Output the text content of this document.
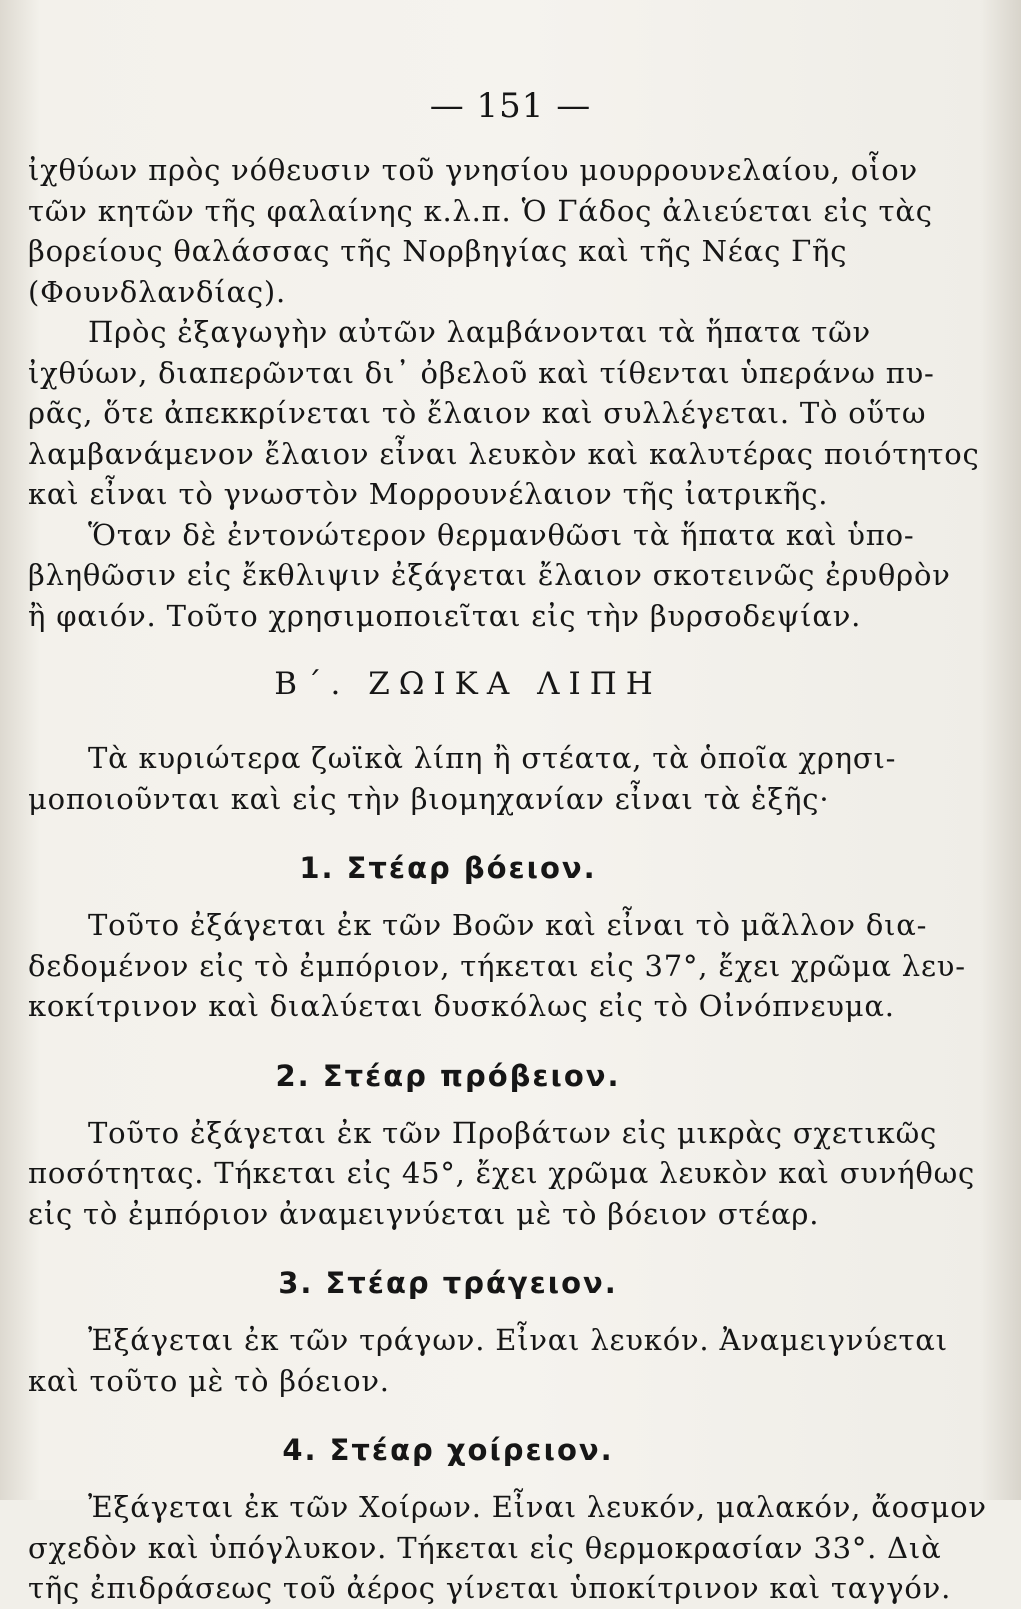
— 151 —

ἰχθύων πρὸς νόθευσιν τοῦ γνησίου μουρρουνελαίου, οἷον
τῶν κητῶν τῆς φαλαίνης κ.λ.π. Ὁ Γάδος ἀλιεύεται εἰς τὰς
βορείους θαλάσσας τῆς Νορβηγίας καὶ τῆς Νέας Γῆς
(Φουνδλανδίας).

Πρὸς ἐξαγωγὴν αὐτῶν λαμβάνονται τὰ ἥπατα τῶν
ἰχθύων, διαπερῶνται δι᾽ ὀβελοῦ καὶ τίθενται ὑπεράνω πυ-
ρᾶς, ὅτε ἀπεκκρίνεται τὸ ἔλαιον καὶ συλλέγεται. Τὸ οὕτω
λαμβανάμενον ἔλαιον εἶναι λευκὸν καὶ καλυτέρας ποιότητος
καὶ εἶναι τὸ γνωστὸν Μορρουνέλαιον τῆς ἰατρικῆς.

Ὅταν δὲ ἐντονώτερον θερμανθῶσι τὰ ἥπατα καὶ ὑπο-
βληθῶσιν εἰς ἔκθλιψιν ἐξάγεται ἔλαιον σκοτεινῶς ἐρυθρὸν
ἢ φαιόν. Τοῦτο χρησιμοποιεῖται εἰς τὴν βυρσοδεψίαν.

Β΄. ΖΩΙΚΑ ΛΙΠΗ

Τὰ κυριώτερα ζωϊκὰ λίπη ἢ στέατα, τὰ ὁποῖα χρησι-
μοποιοῦνται καὶ εἰς τὴν βιομηχανίαν εἶναι τὰ ἑξῆς·

1. Στέαρ βόειον.

Τοῦτο ἐξάγεται ἐκ τῶν Βοῶν καὶ εἶναι τὸ μᾶλλον δια-
δεδομένον εἰς τὸ ἐμπόριον, τήκεται εἰς 37°, ἔχει χρῶμα λευ-
κοκίτρινον καὶ διαλύεται δυσκόλως εἰς τὸ Οἰνόπνευμα.

2. Στέαρ πρόβειον.

Τοῦτο ἐξάγεται ἐκ τῶν Προβάτων εἰς μικρὰς σχετικῶς
ποσότητας. Τήκεται εἰς 45°, ἔχει χρῶμα λευκὸν καὶ συνήθως
εἰς τὸ ἐμπόριον ἀναμειγνύεται μὲ τὸ βόειον στέαρ.

3. Στέαρ τράγειον.

Ἐξάγεται ἐκ τῶν τράγων. Εἶναι λευκόν. Ἀναμειγνύεται
καὶ τοῦτο μὲ τὸ βόειον.

4. Στέαρ χοίρειον.

Ἐξάγεται ἐκ τῶν Χοίρων. Εἶναι λευκόν, μαλακόν, ἄοσμον
σχεδὸν καὶ ὑπόγλυκον. Τήκεται εἰς θερμοκρασίαν 33°. Διὰ
τῆς ἐπιδράσεως τοῦ ἀέρος γίνεται ὑποκίτρινον καὶ ταγγόν.
